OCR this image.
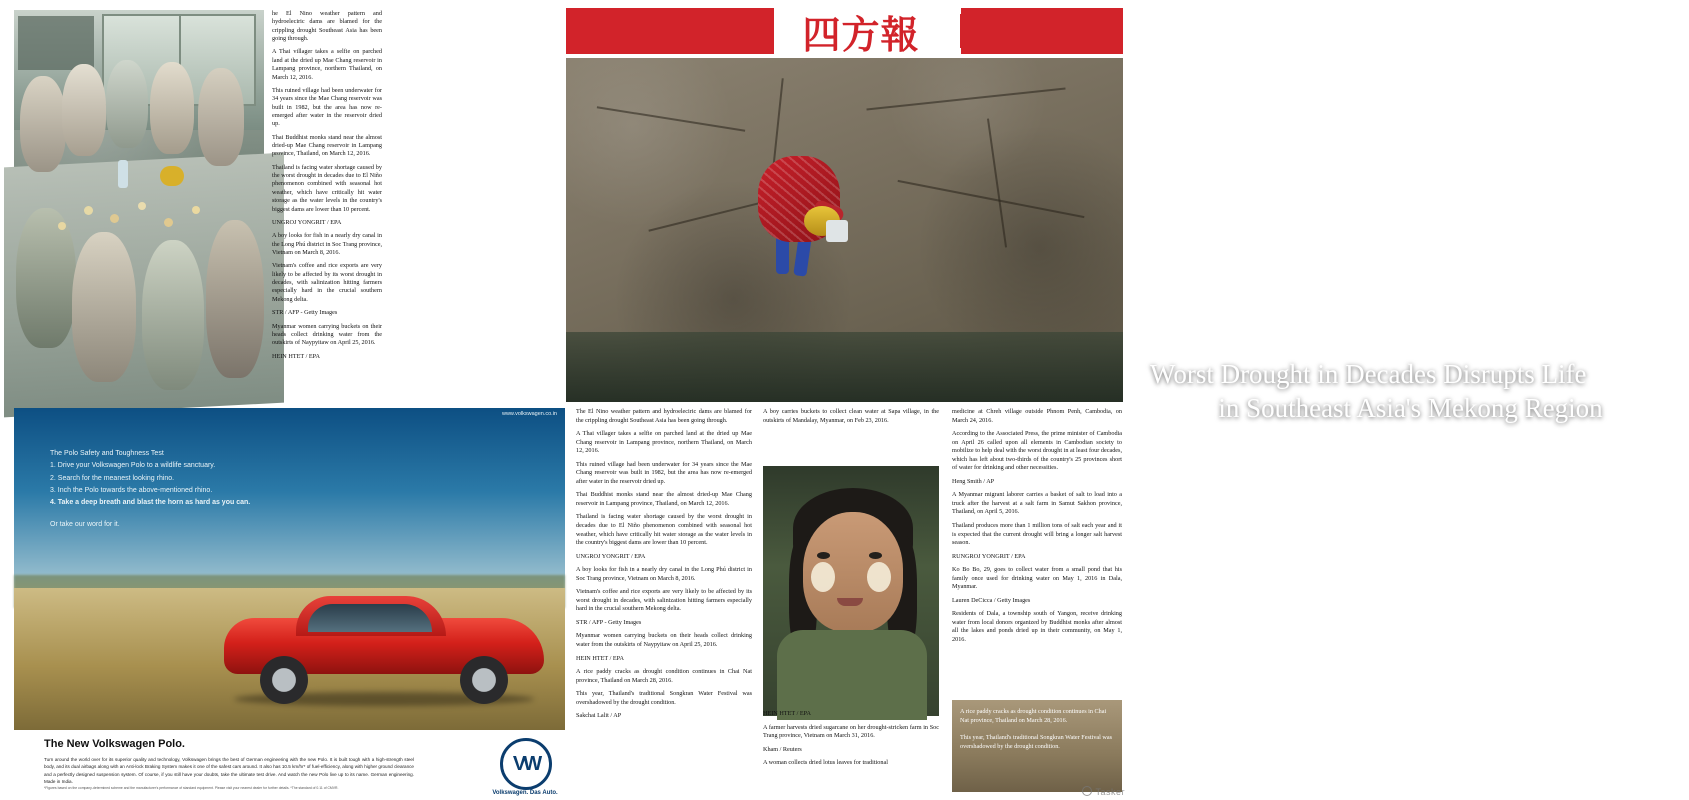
he El Nino weather pattern and hydroeleciric dams are blamed for the crippling drought Southeast Asia has been going through.

A Thai villager takes a selfie on parched land at the dried up Mae Chang reservoir in Lampang province, northern Thailand, on March 12, 2016.

This ruined village had been underwater for 34 years since the Mae Chang reservoir was built in 1982, but the area has now re-emerged after water in the reservoir dried up.

Thai Buddhist monks stand near the almost dried-up Mae Chang reservoir in Lampang province, Thailand, on March 12, 2016.

Thailand is facing water shortage caused by the worst drought in decades due to El Niño phenomenon combined with seasonal hot weather, which have critically hit water storage as the water levels in the country's biggest dams are lower than 10 percent.

UNGROJ YONGRIT / EPA

A boy looks for fish in a nearly dry canal in the Long Phú district in Soc Trang province, Vietnam on March 8, 2016.

Vietnam's coffee and rice exports are very likely to be affected by its worst drought in decades, with salinization hitting farmers especially hard in the crucial southern Mekong delta.

STR / AFP - Getty Images

Myanmar women carrying buckets on their heads collect drinking water from the outskirts of Naypyitaw on April 25, 2016.

HEIN HTET / EPA

四方報
Worst Drought in Decades Disrupts Life
in Southeast Asia's Mekong Region
www.volkswagen.co.in
The Polo Safety and Toughness Test
1. Drive your Volkswagen Polo to a wildlife sanctuary.
2. Search for the meanest looking rhino.
3. Inch the Polo towards the above-mentioned rhino.
4. Take a deep breath and blast the horn as hard as you can.
Or take our word for it.
The New Volkswagen Polo.
Turn around the world over for its superior quality and technology, Volkswagen brings the best of German engineering with the new Polo. It is built tough with a high-strength steel body, and its dual airbags along with an Anti-lock Braking System makes it one of the safest cars around. It also has 10.5 km/hr* of fuel-efficiency, along with higher ground clearance and a perfectly designed suspension system. Of course, if you still have your doubts, take the ultimate test drive. And watch the new Polo live up to its name. German engineering. Made in India.
*Figures based on the company-determined scheme and the manufacturer's performance of standard equipment. Please visit your nearest dealer for further details. *The standard of 0.11 of CMVR.
VW
Volkswagen. Das Auto.

The El Nino weather pattern and hydroeleciric dams are blamed for the crippling drought Southeast Asia has been going through.

A Thai villager takes a selfie on parched land at the dried up Mae Chang reservoir in Lampang province, northern Thailand, on March 12, 2016.

This ruined village had been underwater for 34 years since the Mae Chang reservoir was built in 1982, but the area has now re-emerged after water in the reservoir dried up.

Thai Buddhist monks stand near the almost dried-up Mae Chang reservoir in Lampang province, Thailand, on March 12, 2016.

Thailand is facing water shortage caused by the worst drought in decades due to El Niño phenomenon combined with seasonal hot weather, which have critically hit water storage as the water levels in the country's biggest dams are lower than 10 percent.

UNGROJ YONGRIT / EPA

A boy looks for fish in a nearly dry canal in the Long Phú district in Soc Trang province, Vietnam on March 8, 2016.

Vietnam's coffee and rice exports are very likely to be affected by its worst drought in decades, with salinization hitting farmers especially hard in the crucial southern Mekong delta.

STR / AFP - Getty Images

Myanmar women carrying buckets on their heads collect drinking water from the outskirts of Naypyitaw on April 25, 2016.

HEIN HTET / EPA

A rice paddy cracks as drought condition continues in Chai Nat province, Thailand on March 28, 2016.

This year, Thailand's traditional Songkran Water Festival was overshadowed by the drought condition.

Sakchai Lalit / AP

A boy carries buckets to collect clean water at Sapa village, in the outskirts of Mandalay, Myanmar, on Feb 23, 2016.

HEIN HTET / EPA

A farmer harvests dried sugarcane on her drought-stricken farm in Soc Trang province, Vietnam on March 31, 2016.

Kham / Reuters

A woman collects dried lotus leaves for traditional

medicine at Chreh village outside Phnom Penh, Cambodia, on March 24, 2016.

According to the Associated Press, the prime minister of Cambodia on April 26 called upon all elements in Cambodian society to mobilize to help deal with the worst drought in at least four decades, which has left about two-thirds of the country's 25 provinces short of water for drinking and other necessities.

Heng Smith / AP

A Myanmar migrant laborer carries a basket of salt to load into a truck after the harvest at a salt farm in Samut Sakhon province, Thailand, on April 5, 2016.

Thailand produces more than 1 million tons of salt each year and it is expected that the current drought will bring a longer salt harvest season.

RUNGROJ YONGRIT / EPA

Ko Bo Bo, 29, goes to collect water from a small pond that his family once used for drinking water on May 1, 2016 in Dala, Myanmar.

Lauren DeCicca / Getty Images

Residents of Dala, a township south of Yangon, receive drinking water from local donors organized by Buddhist monks after almost all the lakes and ponds dried up in their community, on May 1, 2016.

A rice paddy cracks as drought condition continues in Chai Nat province, Thailand on March 28, 2016.

This year, Thailand's traditional Songkran Water Festival was overshadowed by the drought condition.

Tasker
